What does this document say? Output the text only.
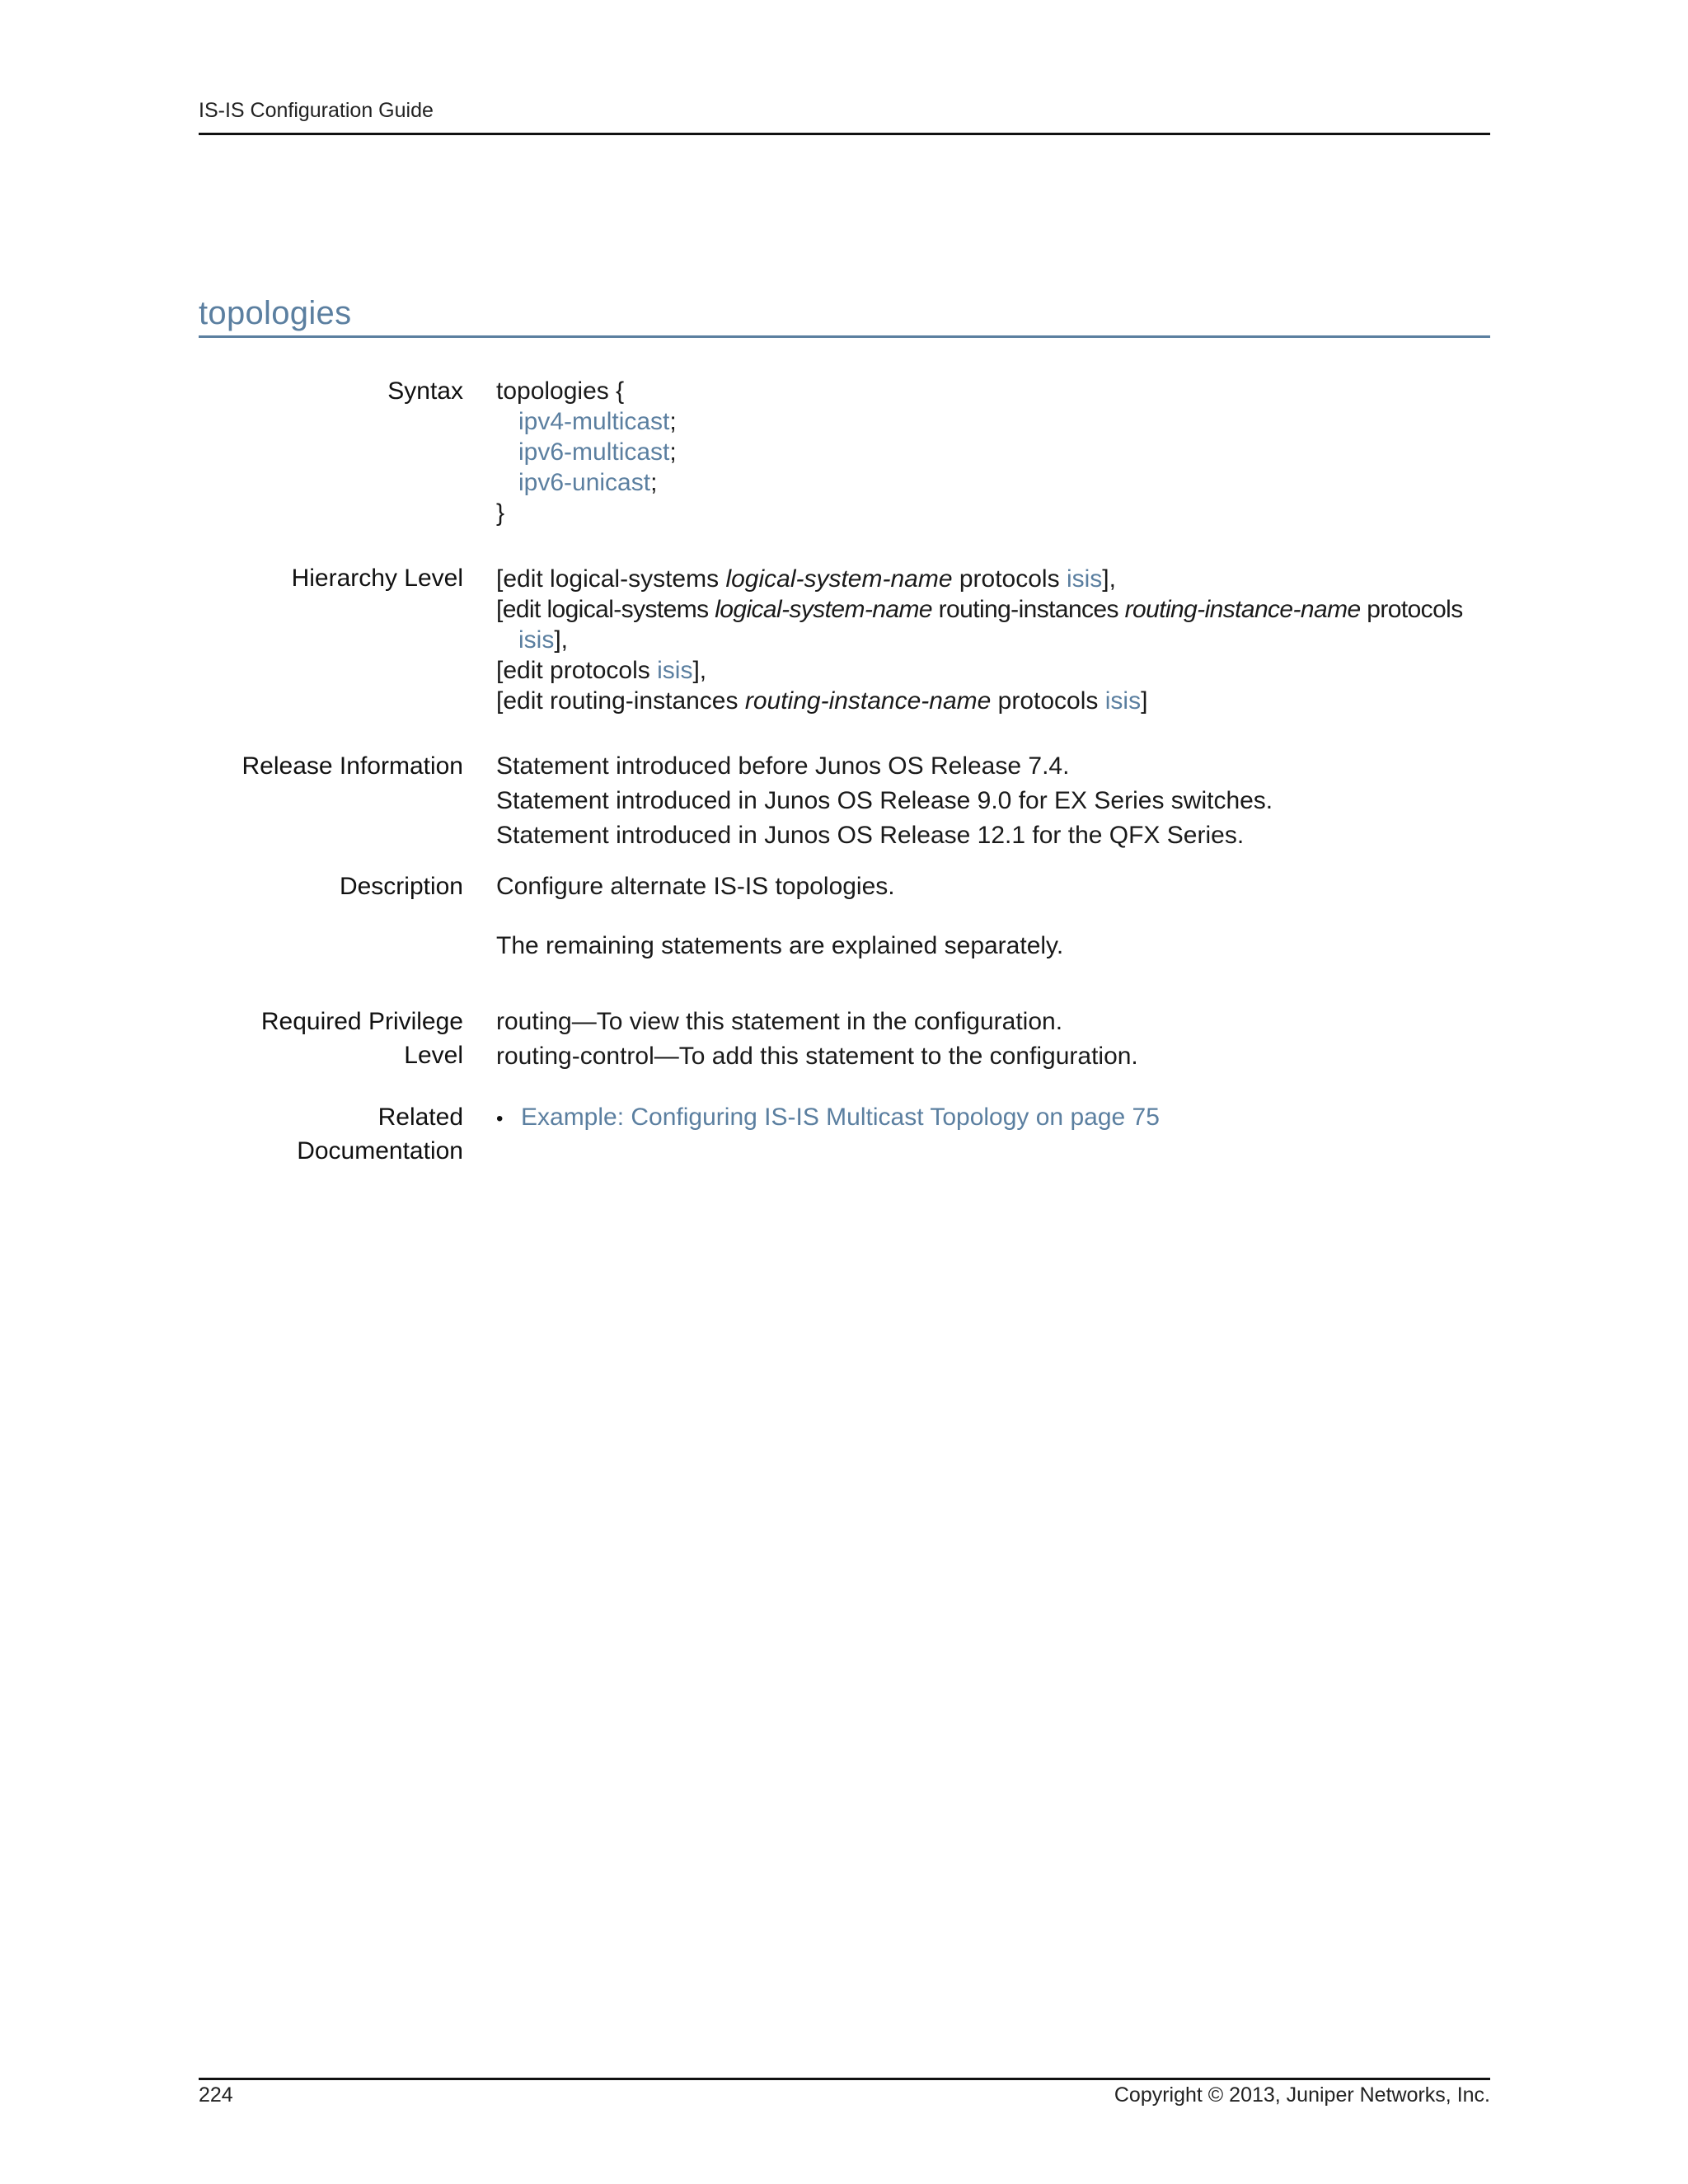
IS-IS Configuration Guide
topologies
Syntax topologies {
ipv4-multicast;
ipv6-multicast;
ipv6-unicast;
}
Hierarchy Level [edit logical-systems logical-system-name protocols isis],
[edit logical-systems logical-system-name routing-instances routing-instance-name protocols
isis],
[edit protocols isis],
[edit routing-instances routing-instance-name protocols isis]
Release Information Statement introduced before Junos OS Release 7.4.
Statement introduced in Junos OS Release 9.0 for EX Series switches.
Statement introduced in Junos OS Release 12.1 for the QFX Series.
Description Configure alternate IS-IS topologies.
The remaining statements are explained separately.
Required Privilege
Level
routing—To view this statement in the configuration.
routing-control—To add this statement to the configuration.
Related
Documentation
• Example: Configuring IS-IS Multicast Topology on page 75
224	Copyright © 2013, Juniper Networks, Inc.
